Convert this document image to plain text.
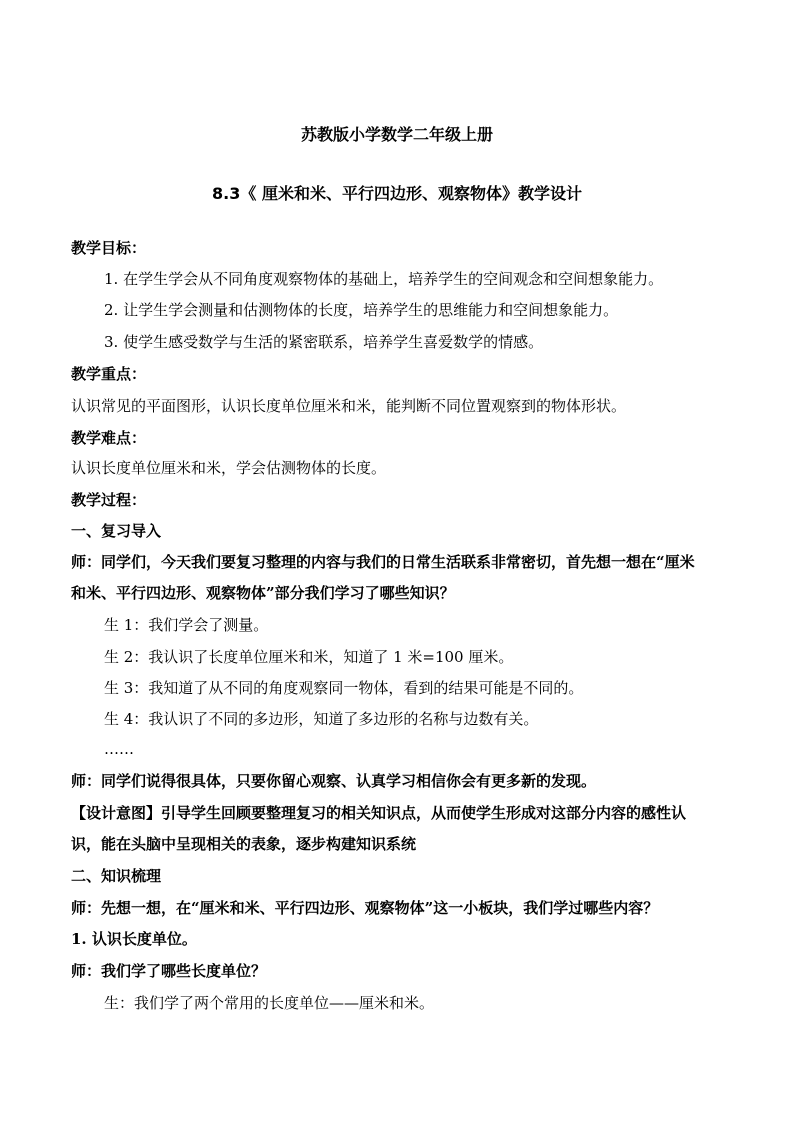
苏教版小学数学二年级上册
8.3《 厘米和米、平行四边形、观察物体》教学设计
教学目标：
1. 在学生学会从不同角度观察物体的基础上，培养学生的空间观念和空间想象能力。
2. 让学生学会测量和估测物体的长度，培养学生的思维能力和空间想象能力。
3. 使学生感受数学与生活的紧密联系，培养学生喜爱数学的情感。
教学重点：
认识常见的平面图形，认识长度单位厘米和米，能判断不同位置观察到的物体形状。
教学难点：
认识长度单位厘米和米，学会估测物体的长度。
教学过程：
一、复习导入
师：同学们，今天我们要复习整理的内容与我们的日常生活联系非常密切，首先想一想在“厘米
和米、平行四边形、观察物体”部分我们学习了哪些知识？
生 1：我们学会了测量。
生 2：我认识了长度单位厘米和米，知道了 1 米=100 厘米。
生 3：我知道了从不同的角度观察同一物体，看到的结果可能是不同的。
生 4：我认识了不同的多边形，知道了多边形的名称与边数有关。
……
师：同学们说得很具体，只要你留心观察、认真学习相信你会有更多新的发现。
【设计意图】引导学生回顾要整理复习的相关知识点，从而使学生形成对这部分内容的感性认
识，能在头脑中呈现相关的表象，逐步构建知识系统
二、知识梳理
师：先想一想，在“厘米和米、平行四边形、观察物体”这一小板块，我们学过哪些内容？
1. 认识长度单位。
师：我们学了哪些长度单位？
生：我们学了两个常用的长度单位——厘米和米。
